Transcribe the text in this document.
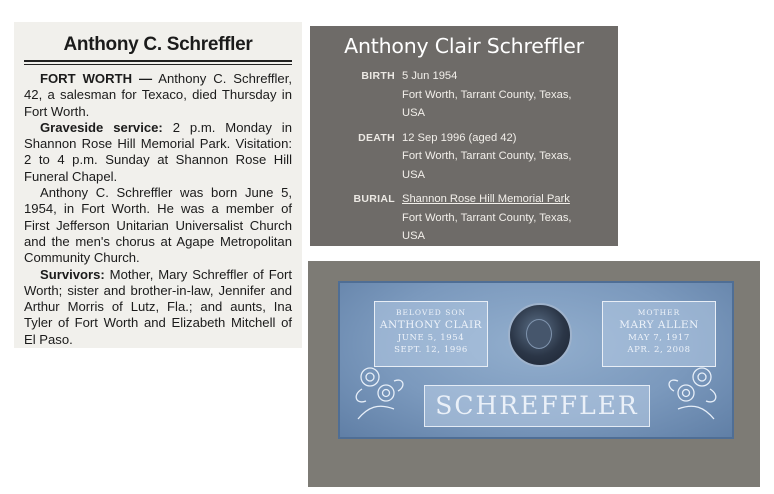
Anthony C. Schreffler

FORT WORTH — Anthony C. Schreffler, 42, a salesman for Texaco, died Thursday in Fort Worth.

Graveside service: 2 p.m. Monday in Shannon Rose Hill Memorial Park. Visitation: 2 to 4 p.m. Sunday at Shannon Rose Hill Funeral Chapel.

Anthony C. Schreffler was born June 5, 1954, in Fort Worth. He was a member of First Jefferson Unitarian Universalist Church and the men's chorus at Agape Metropolitan Community Church.

Survivors: Mother, Mary Schreffler of Fort Worth; sister and brother-in-law, Jennifer and Arthur Morris of Lutz, Fla.; and aunts, Ina Tyler of Fort Worth and Elizabeth Mitchell of El Paso.

Anthony Clair Schreffler
BIRTH 5 Jun 1954
Fort Worth, Tarrant County, Texas,
USA
DEATH 12 Sep 1996 (aged 42)
Fort Worth, Tarrant County, Texas,
USA
BURIAL Shannon Rose Hill Memorial Park
Fort Worth, Tarrant County, Texas,
USA
BELOVED SON
ANTHONY CLAIR
JUNE 5, 1954
SEPT. 12, 1996
MOTHER
MARY ALLEN
MAY 7, 1917
APR. 2, 2008
SCHREFFLER
